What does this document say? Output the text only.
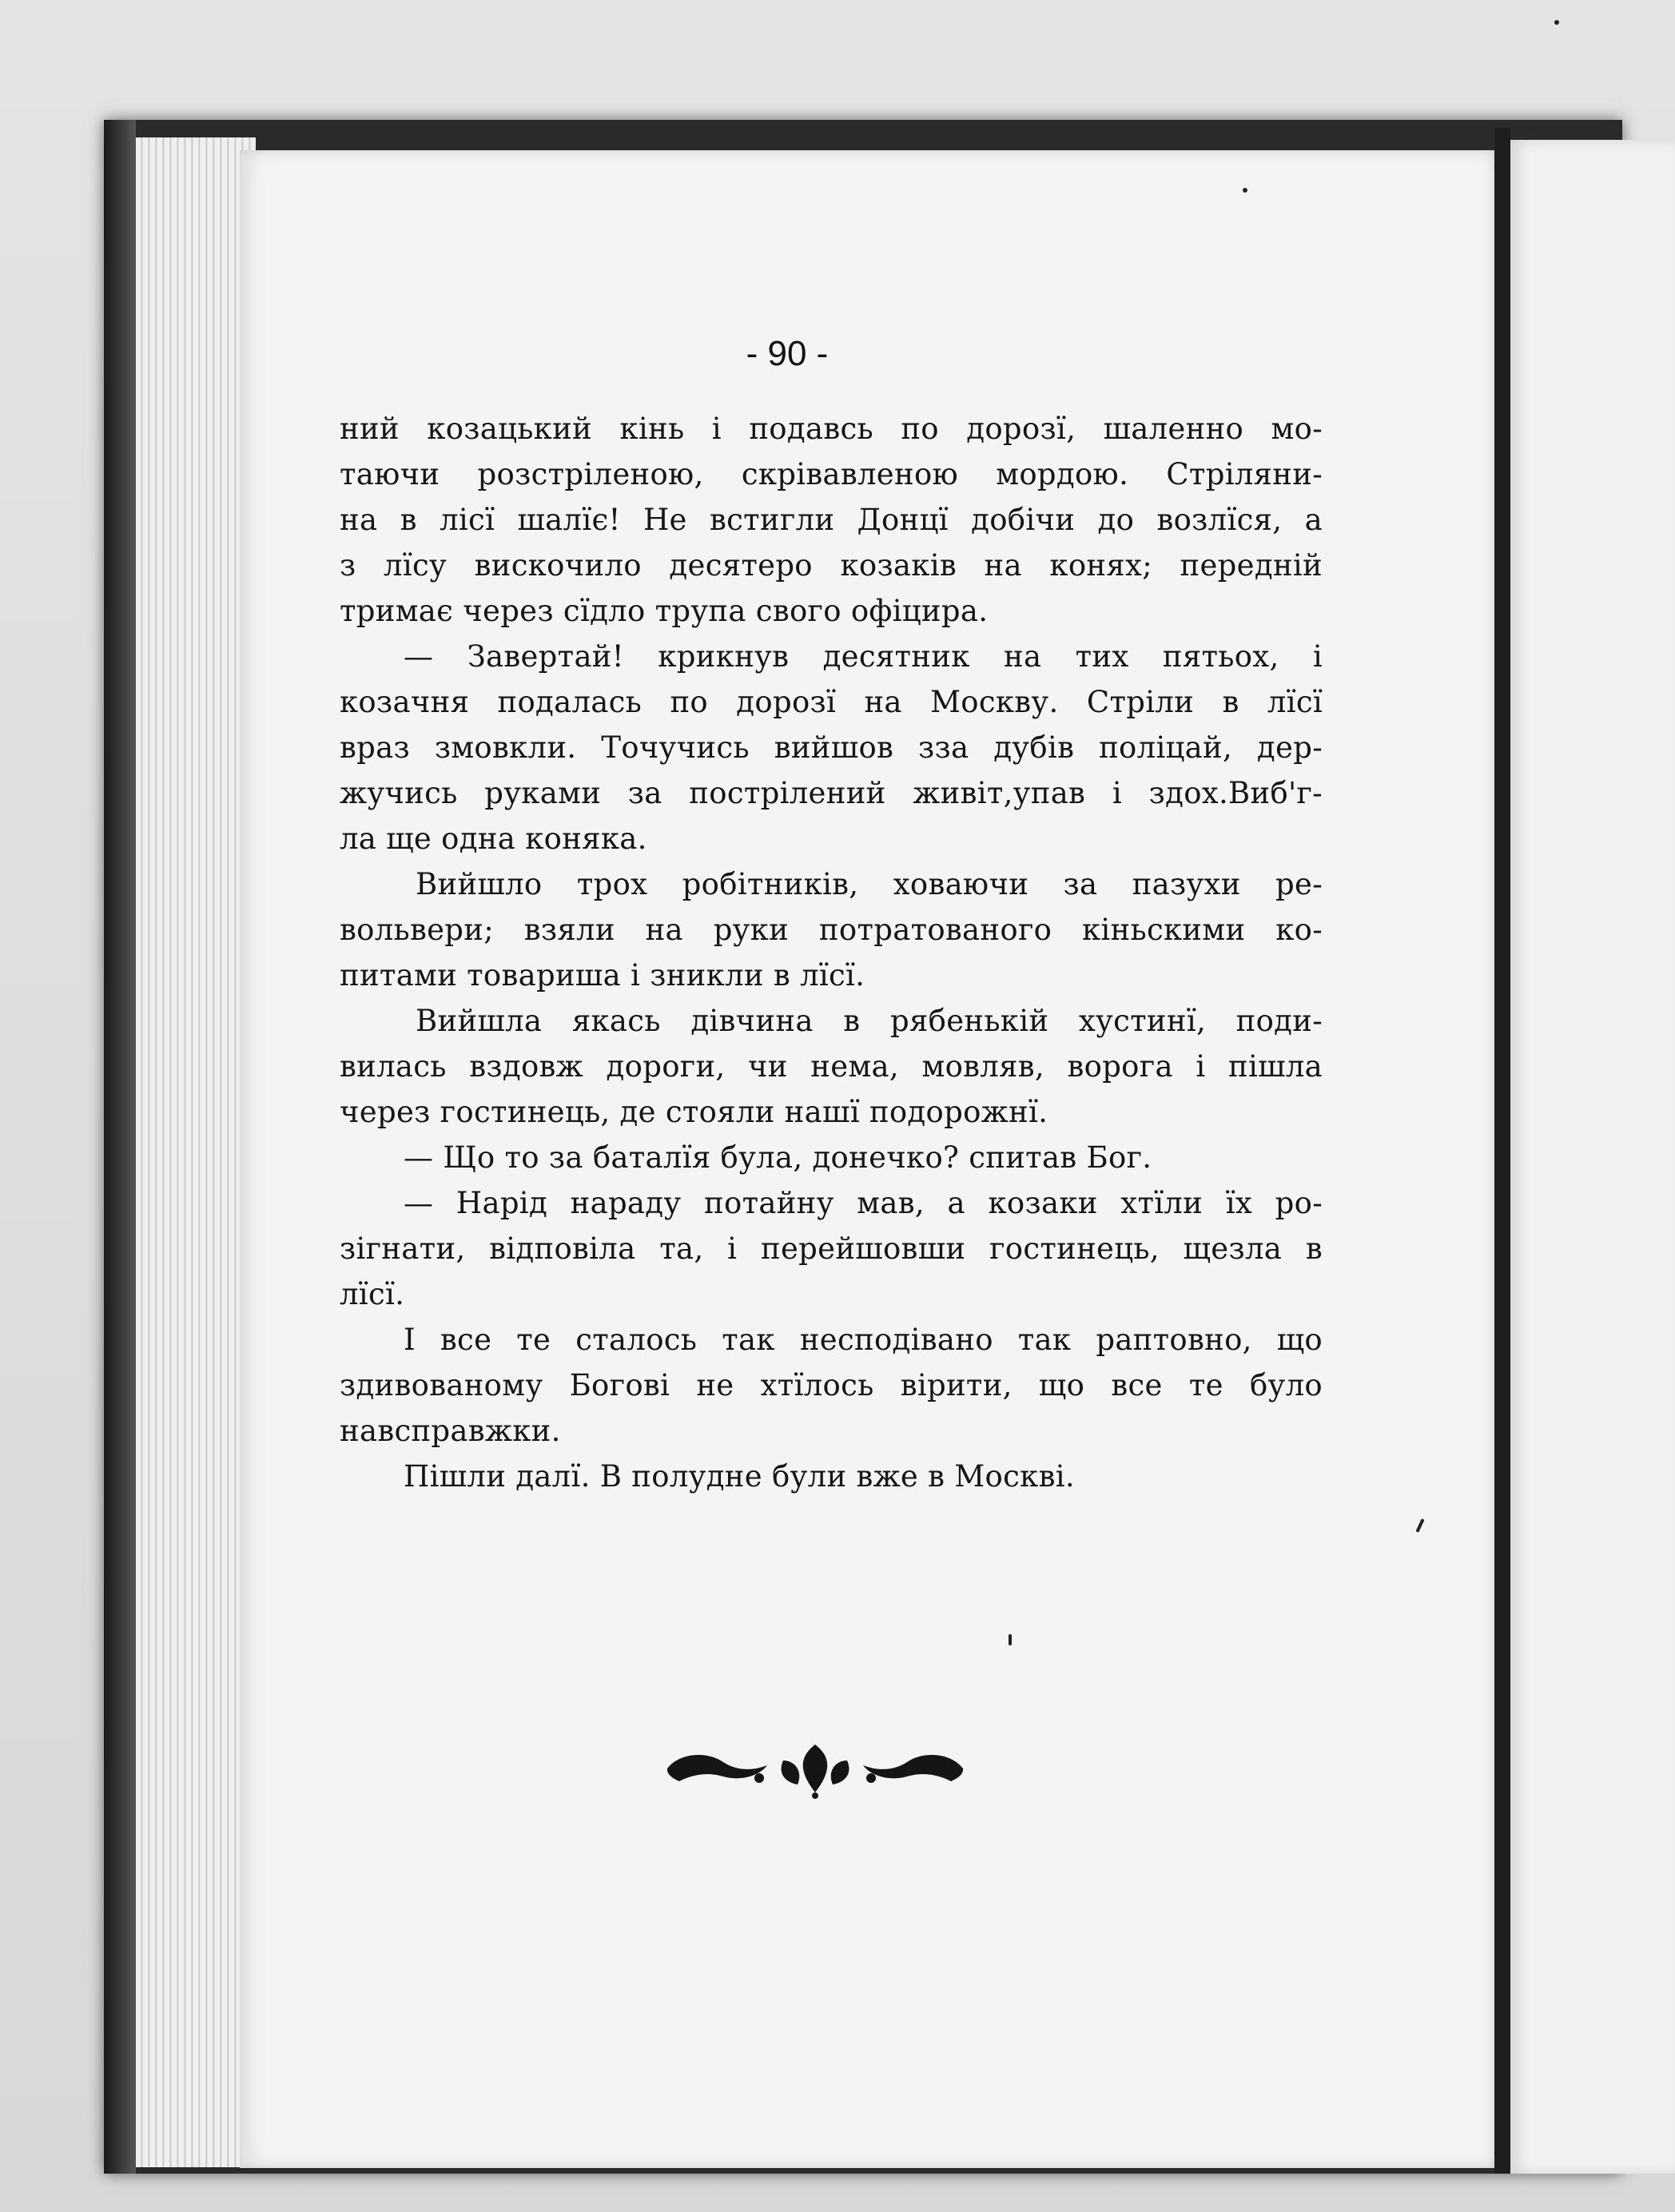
- 90 -
ний козацький кінь і подавсь по дорозї, шаленно мо-
таючи розстріленою, скрівавленою мордою. Стріляни-
на в лісї шалїє! Не встигли Донцї добічи до возлїся, а
з лїсу вискочило десятеро козаків на конях; передній
тримає через сїдло трупа свого офіцира.
— Завертай! крикнув десятник на тих пятьох, і
козачня подалась по дорозї на Москву. Стріли в лїсї
враз змовкли. Точучись вийшов зза дубів поліцай, дер-
жучись руками за пострілений живіт,упав і здох.Виб'г-
ла ще одна коняка.
Вийшло трох робітників, ховаючи за пазухи ре-
вольвери; взяли на руки потратованого кіньскими ко-
питами товариша і зникли в лїсї.
Вийшла якась дівчина в рябенькій хустинї, поди-
вилась вздовж дороги, чи нема, мовляв, ворога і пішла
через гостинець, де стояли нашї подорожнї.
— Що то за баталїя була, донечко? спитав Бог.
— Нарід нараду потайну мав, а козаки хтїли їх ро-
зігнати, відповіла та, і перейшовши гостинець, щезла в
лїсї.
І все те сталось так несподівано так раптовно, що
здивованому Богові не хтїлось вірити, що все те було
навсправжки.
Пішли далї. В полудне були вже в Москві.
